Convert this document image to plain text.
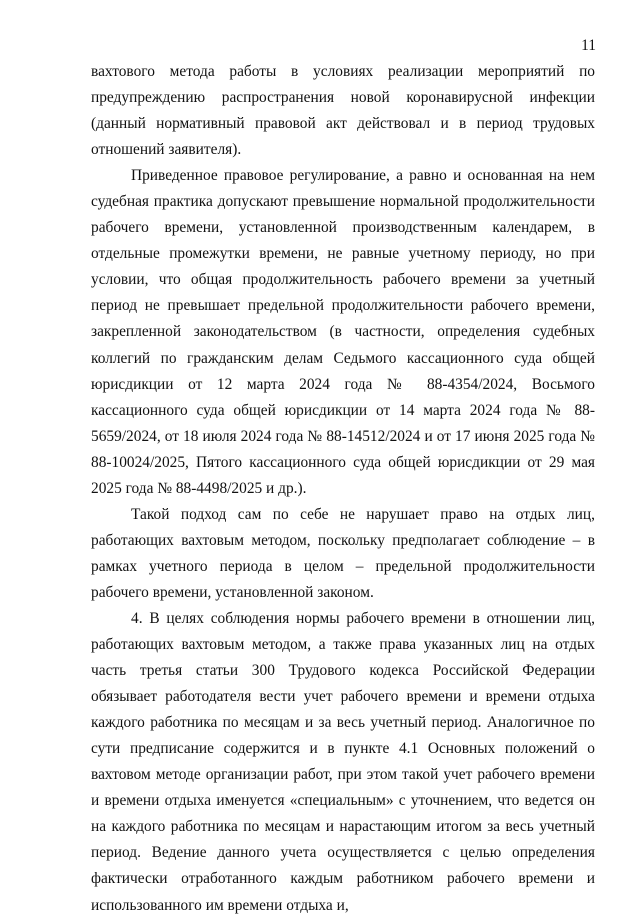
11

вахтового метода работы в условиях реализации мероприятий по предупреждению распространения новой коронавирусной инфекции (данный нормативный правовой акт действовал и в период трудовых отношений заявителя).

Приведенное правовое регулирование, а равно и основанная на нем судебная практика допускают превышение нормальной продолжительности рабочего времени, установленной производственным календарем, в отдельные промежутки времени, не равные учетному периоду, но при условии, что общая продолжительность рабочего времени за учетный период не превышает предельной продолжительности рабочего времени, закрепленной законодательством (в частности, определения судебных коллегий по гражданским делам Седьмого кассационного суда общей юрисдикции от 12 марта 2024 года № 88-4354/2024, Восьмого кассационного суда общей юрисдикции от 14 марта 2024 года № 88-5659/2024, от 18 июля 2024 года № 88-14512/2024 и от 17 июня 2025 года № 88-10024/2025, Пятого кассационного суда общей юрисдикции от 29 мая 2025 года № 88-4498/2025 и др.).

Такой подход сам по себе не нарушает право на отдых лиц, работающих вахтовым методом, поскольку предполагает соблюдение – в рамках учетного периода в целом – предельной продолжительности рабочего времени, установленной законом.

4. В целях соблюдения нормы рабочего времени в отношении лиц, работающих вахтовым методом, а также права указанных лиц на отдых часть третья статьи 300 Трудового кодекса Российской Федерации обязывает работодателя вести учет рабочего времени и времени отдыха каждого работника по месяцам и за весь учетный период. Аналогичное по сути предписание содержится и в пункте 4.1 Основных положений о вахтовом методе организации работ, при этом такой учет рабочего времени и времени отдыха именуется «специальным» с уточнением, что ведется он на каждого работника по месяцам и нарастающим итогом за весь учетный период. Ведение данного учета осуществляется с целью определения фактически отработанного каждым работником рабочего времени и использованного им времени отдыха и,
